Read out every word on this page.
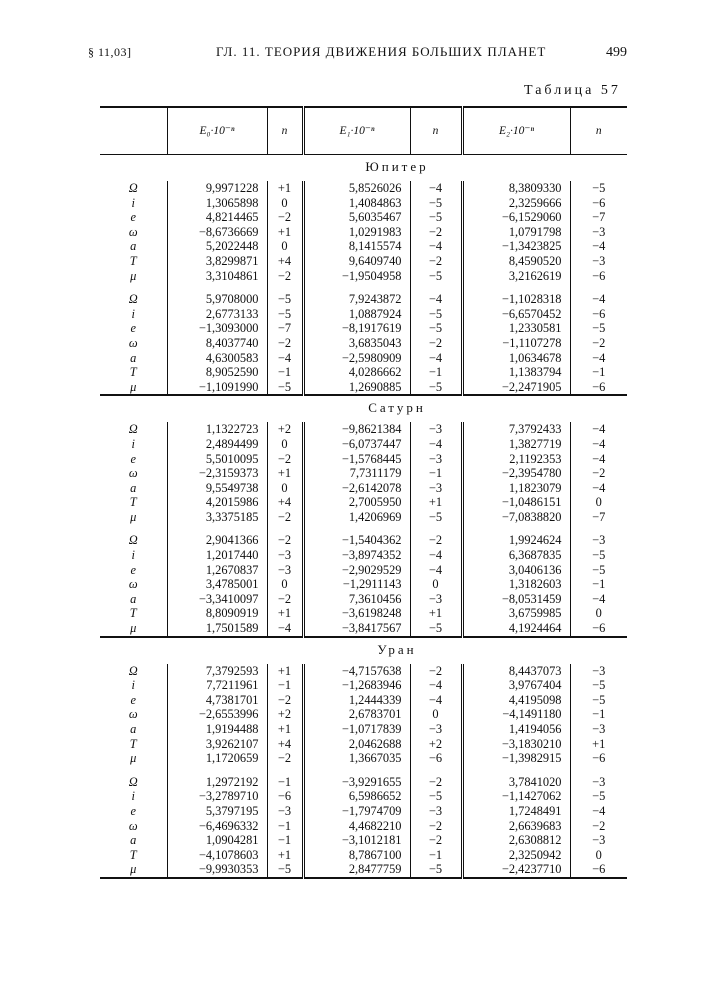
§ 11,03]	ГЛ. 11. ТЕОРИЯ ДВИЖЕНИЯ БОЛЬШИХ ПЛАНЕТ	499
Таблица 57
	E₀·10⁻ⁿ	n	E₁·10⁻ⁿ	n	E₂·10⁻ⁿ	n
	Юпитер					
Ω	9,9971228	+1	5,8526026	−4	8,3809330	−5
i	1,3065898	0	1,4084863	−5	2,3259666	−6
e	4,8214465	−2	5,6035467	−5	−6,1529060	−7
ω	−8,6736669	+1	1,0291983	−2	1,0791798	−3
a	5,2022448	0	8,1415574	−4	−1,3423825	−4
T	3,8299871	+4	9,6409740	−2	8,4590520	−3
μ	3,3104861	−2	−1,9504958	−5	3,2162619	−6

Ω	5,9708000	−5	7,9243872	−4	−1,1028318	−4
i	2,6773133	−5	1,0887924	−5	−6,6570452	−6
e	−1,3093000	−7	−8,1917619	−5	1,2330581	−5
ω	8,4037740	−2	3,6835043	−2	−1,1107278	−2
a	4,6300583	−4	−2,5980909	−4	1,0634678	−4
T	8,9052590	−1	4,0286662	−1	1,1383794	−1
μ	−1,1091990	−5	1,2690885	−5	−2,2471905	−6
	Сатурн					
Ω	1,1322723	+2	−9,8621384	−3	7,3792433	−4
i	2,4894499	0	−6,0737447	−4	1,3827719	−4
e	5,5010095	−2	−1,5768445	−3	2,1192353	−4
ω	−2,3159373	+1	7,7311179	−1	−2,3954780	−2
a	9,5549738	0	−2,6142078	−3	1,1823079	−4
T	4,2015986	+4	2,7005950	+1	−1,0486151	0
μ	3,3375185	−2	1,4206969	−5	−7,0838820	−7

Ω	2,9041366	−2	−1,5404362	−2	1,9924624	−3
i	1,2017440	−3	−3,8974352	−4	6,3687835	−5
e	1,2670837	−3	−2,9029529	−4	3,0406136	−5
ω	3,4785001	0	−1,2911143	0	1,3182603	−1
a	−3,3410097	−2	7,3610456	−3	−8,0531459	−4
T	8,8090919	+1	−3,6198248	+1	3,6759985	0
μ	1,7501589	−4	−3,8417567	−5	4,1924464	−6
	Уран					
Ω	7,3792593	+1	−4,7157638	−2	8,4437073	−3
i	7,7211961	−1	−1,2683946	−4	3,9767404	−5
e	4,7381701	−2	1,2444339	−4	4,4195098	−5
ω	−2,6553996	+2	2,6783701	0	−4,1491180	−1
a	1,9194488	+1	−1,0717839	−3	1,4194056	−3
T	3,9262107	+4	2,0462688	+2	−3,1830210	+1
μ	1,1720659	−2	1,3667035	−6	−1,3982915	−6

Ω	1,2972192	−1	−3,9291655	−2	3,7841020	−3
i	−3,2789710	−6	6,5986652	−5	−1,1427062	−5
e	5,3797195	−3	−1,7974709	−3	1,7248491	−4
ω	−6,4696332	−1	4,4682210	−2	2,6639683	−2
a	1,0904281	−1	−3,1012181	−2	2,6308812	−3
T	−4,1078603	+1	8,7867100	−1	2,3250942	0
μ	−9,9930353	−5	2,8477759	−5	−2,4237710	−6
